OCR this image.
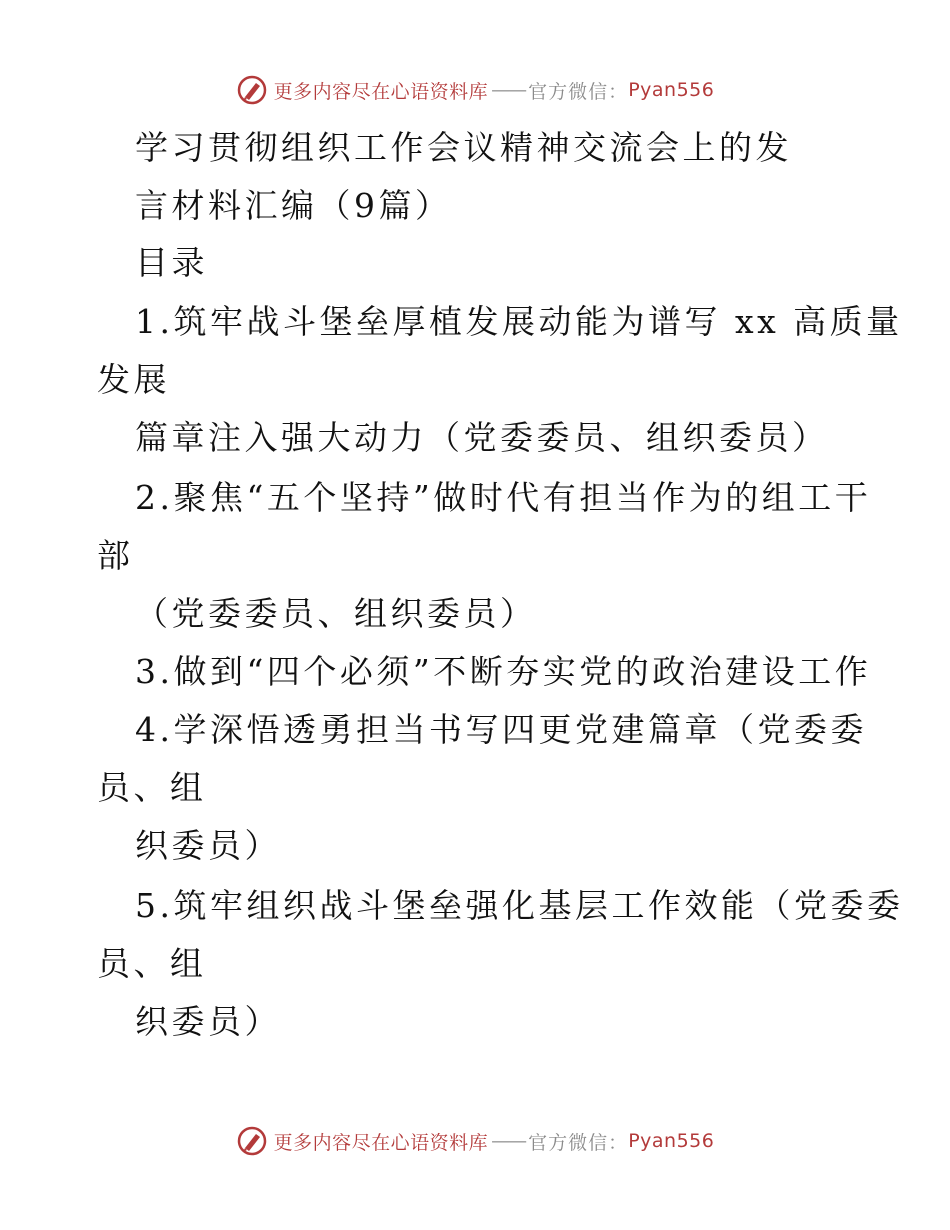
更多内容尽在心语资料库 —— 官方微信： Pyan556
学习贯彻组织工作会议精神交流会上的发
言材料汇编（9篇）
目录
1.筑牢战斗堡垒厚植发展动能为谱写 xx 高质量
发展
篇章注入强大动力（党委委员、组织委员）
2.聚焦“五个坚持”做时代有担当作为的组工干
部
（党委委员、组织委员）
3.做到“四个必须”不断夯实党的政治建设工作
4.学深悟透勇担当书写四更党建篇章（党委委
员、组
织委员）
5.筑牢组织战斗堡垒强化基层工作效能（党委委
员、组
织委员）
更多内容尽在心语资料库 —— 官方微信： Pyan556
